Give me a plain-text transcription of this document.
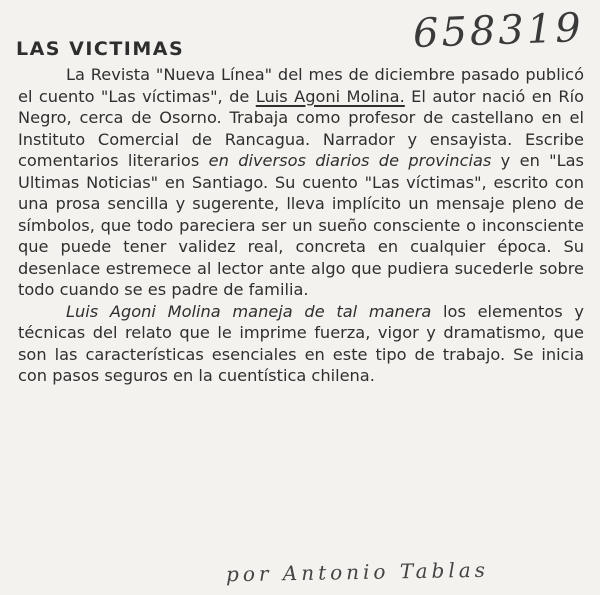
658319
LAS VICTIMAS

La Revista "Nueva Línea" del mes de diciembre pasado publicó el cuento "Las víctimas", de Luis Agoni Molina. El autor nació en Río Negro, cerca de Osorno. Trabaja como profesor de castellano en el Instituto Comercial de Rancagua. Narrador y ensayista. Escribe comentarios literarios en diversos diarios de provincias y en "Las Ultimas Noticias" en Santiago. Su cuento "Las víctimas", escrito con una prosa sencilla y sugerente, lleva implícito un mensaje pleno de símbolos, que todo pareciera ser un sueño consciente o inconsciente que puede tener validez real, concreta en cualquier época. Su desenlace estremece al lector ante algo que pudiera sucederle sobre todo cuando se es padre de familia.

Luis Agoni Molina maneja de tal manera los elementos y técnicas del relato que le imprime fuerza, vigor y dramatismo, que son las características esenciales en este tipo de trabajo. Se inicia con pasos seguros en la cuentística chilena.

por Antonio Tablas
